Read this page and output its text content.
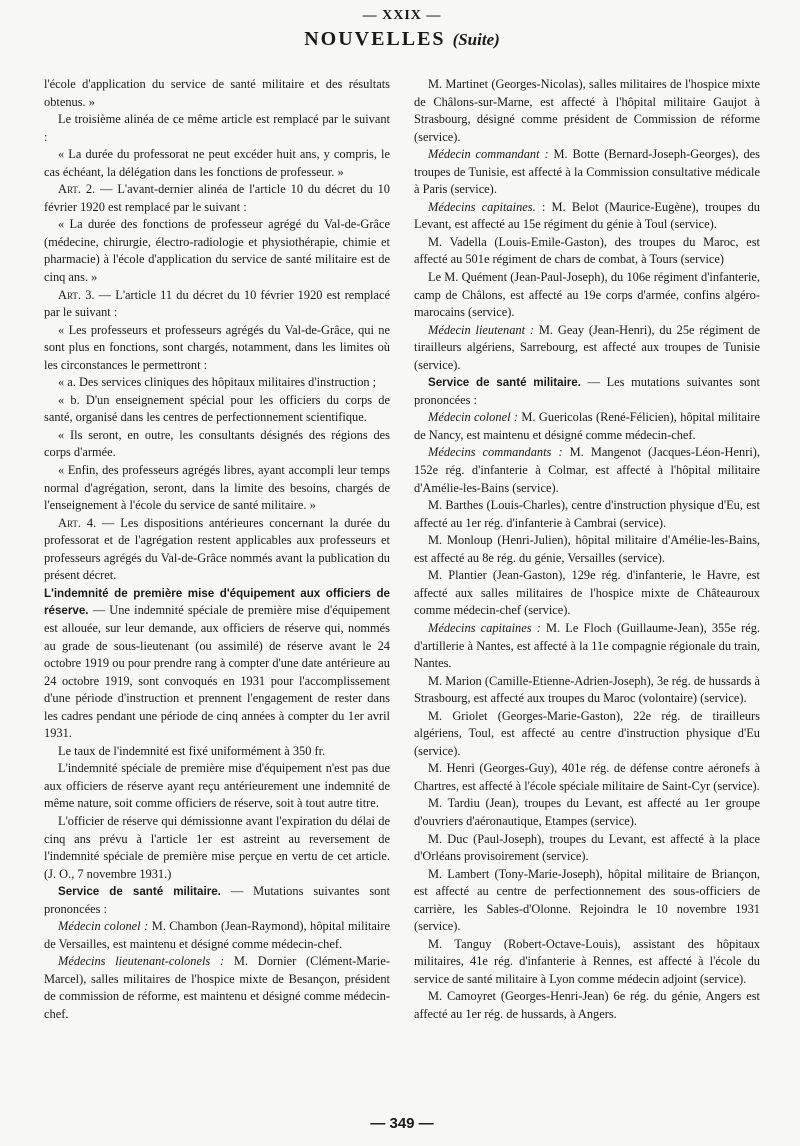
— XXIX —
NOUVELLES (Suite)

l'école d'application du service de santé militaire et des résultats obtenus. »

Le troisième alinéa de ce même article est remplacé par le suivant :

« La durée du professorat ne peut excéder huit ans, y compris, le cas échéant, la délégation dans les fonctions de professeur. »

Art. 2. — L'avant-dernier alinéa de l'article 10 du décret du 10 février 1920 est remplacé par le suivant :

« La durée des fonctions de professeur agrégé du Val-de-Grâce (médecine, chirurgie, électro-radiologie et physiothérapie, chimie et pharmacie) à l'école d'application du service de santé militaire est de cinq ans. »

Art. 3. — L'article 11 du décret du 10 février 1920 est remplacé par le suivant :

« Les professeurs et professeurs agrégés du Val-de-Grâce, qui ne sont plus en fonctions, sont chargés, notamment, dans les limites où les circonstances le permettront :

« a. Des services cliniques des hôpitaux militaires d'instruction ;

« b. D'un enseignement spécial pour les officiers du corps de santé, organisé dans les centres de perfectionnement scientifique.

« Ils seront, en outre, les consultants désignés des régions des corps d'armée.

« Enfin, des professeurs agrégés libres, ayant accompli leur temps normal d'agrégation, seront, dans la limite des besoins, chargés de l'enseignement à l'école du service de santé militaire. »

Art. 4. — Les dispositions antérieures concernant la durée du professorat et de l'agrégation restent applicables aux professeurs et professeurs agrégés du Val-de-Grâce nommés avant la publication du présent décret.

L'indemnité de première mise d'équipement aux officiers de réserve. — Une indemnité spéciale de première mise d'équipement est allouée, sur leur demande, aux officiers de réserve qui, nommés au grade de sous-lieutenant (ou assimilé) de réserve avant le 24 octobre 1919 ou pour prendre rang à compter d'une date antérieure au 24 octobre 1919, sont convoqués en 1931 pour l'accomplissement d'une période d'instruction et prennent l'engagement de rester dans les cadres pendant une période de cinq années à compter du 1er avril 1931.

Le taux de l'indemnité est fixé uniformément à 350 fr.

L'indemnité spéciale de première mise d'équipement n'est pas due aux officiers de réserve ayant reçu antérieurement une indemnité de même nature, soit comme officiers de réserve, soit à tout autre titre.

L'officier de réserve qui démissionne avant l'expiration du délai de cinq ans prévu à l'article 1er est astreint au reversement de l'indemnité spéciale de première mise perçue en vertu de cet article. (J. O., 7 novembre 1931.)

Service de santé militaire. — Mutations suivantes sont prononcées :

Médecin colonel : M. Chambon (Jean-Raymond), hôpital militaire de Versailles, est maintenu et désigné comme médecin-chef.

Médecins lieutenant-colonels : M. Dornier (Clément-Marie-Marcel), salles militaires de l'hospice mixte de Besançon, président de commission de réforme, est maintenu et désigné comme médecin-chef.

M. Martinet (Georges-Nicolas), salles militaires de l'hospice mixte de Châlons-sur-Marne, est affecté à l'hôpital militaire Gaujot à Strasbourg, désigné comme président de Commission de réforme (service).

Médecin commandant : M. Botte (Bernard-Joseph-Georges), des troupes de Tunisie, est affecté à la Commission consultative médicale à Paris (service).

Médecins capitaines. : M. Belot (Maurice-Eugène), troupes du Levant, est affecté au 15e régiment du génie à Toul (service).

M. Vadella (Louis-Emile-Gaston), des troupes du Maroc, est affecté au 501e régiment de chars de combat, à Tours (service)

Le M. Quément (Jean-Paul-Joseph), du 106e régiment d'infanterie, camp de Châlons, est affecté au 19e corps d'armée, confins algéro-marocains (service).

Médecin lieutenant : M. Geay (Jean-Henri), du 25e régiment de tirailleurs algériens, Sarrebourg, est affecté aux troupes de Tunisie (service).

Service de santé militaire. — Les mutations suivantes sont prononcées :

Médecin colonel : M. Guericolas (René-Félicien), hôpital militaire de Nancy, est maintenu et désigné comme médecin-chef.

Médecins commandants : M. Mangenot (Jacques-Léon-Henri), 152e rég. d'infanterie à Colmar, est affecté à l'hôpital militaire d'Amélie-les-Bains (service).

M. Barthes (Louis-Charles), centre d'instruction physique d'Eu, est affecté au 1er rég. d'infanterie à Cambrai (service).

M. Monloup (Henri-Julien), hôpital militaire d'Amélie-les-Bains, est affecté au 8e rég. du génie, Versailles (service).

M. Plantier (Jean-Gaston), 129e rég. d'infanterie, le Havre, est affecté aux salles militaires de l'hospice mixte de Châteauroux comme médecin-chef (service).

Médecins capitaines : M. Le Floch (Guillaume-Jean), 355e rég. d'artillerie à Nantes, est affecté à la 11e compagnie régionale du train, Nantes.

M. Marion (Camille-Etienne-Adrien-Joseph), 3e rég. de hussards à Strasbourg, est affecté aux troupes du Maroc (volontaire) (service).

M. Griolet (Georges-Marie-Gaston), 22e rég. de tirailleurs algériens, Toul, est affecté au centre d'instruction physique d'Eu (service).

M. Henri (Georges-Guy), 401e rég. de défense contre aéronefs à Chartres, est affecté à l'école spéciale militaire de Saint-Cyr (service).

M. Tardiu (Jean), troupes du Levant, est affecté au 1er groupe d'ouvriers d'aéronautique, Etampes (service).

M. Duc (Paul-Joseph), troupes du Levant, est affecté à la place d'Orléans provisoirement (service).

M. Lambert (Tony-Marie-Joseph), hôpital militaire de Briançon, est affecté au centre de perfectionnement des sous-officiers de carrière, les Sables-d'Olonne. Rejoindra le 10 novembre 1931 (service).

M. Tanguy (Robert-Octave-Louis), assistant des hôpitaux militaires, 41e rég. d'infanterie à Rennes, est affecté à l'école du service de santé militaire à Lyon comme médecin adjoint (service).

M. Camoyret (Georges-Henri-Jean) 6e rég. du génie, Angers est affecté au 1er rég. de hussards, à Angers.

— 349 —
